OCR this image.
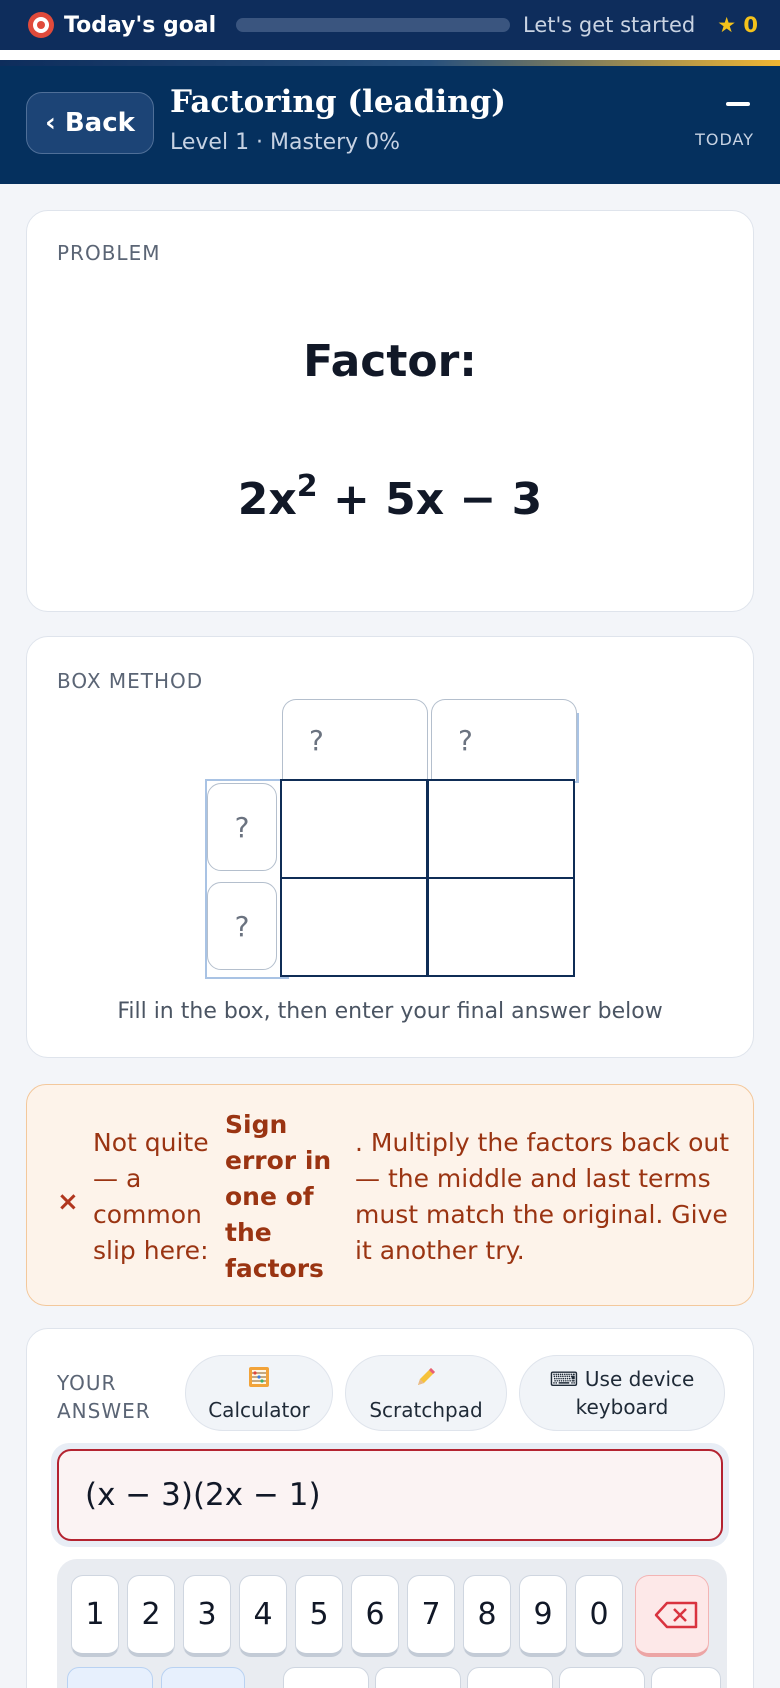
Today's goal	Let's get started ★ 0
‹ Back
Factoring (leading)
Level 1 · Mastery 0%	TODAY
PROBLEM
Factor:
$2x^2 + 5x - 3$
BOX METHOD
?	?
?
?
Fill in the box, then enter your final answer below
×
Not quite — a common slip here:
Sign error in one of the factors
. Multiply the factors back out — the middle and last terms must match the original. Give it another try.
YOUR
ANSWER	Calculator	Scratchpad
⌨ Use device
keyboard
(x − 3)(2x − 1)
1	2	3	4	5	6	7	8	9	0
